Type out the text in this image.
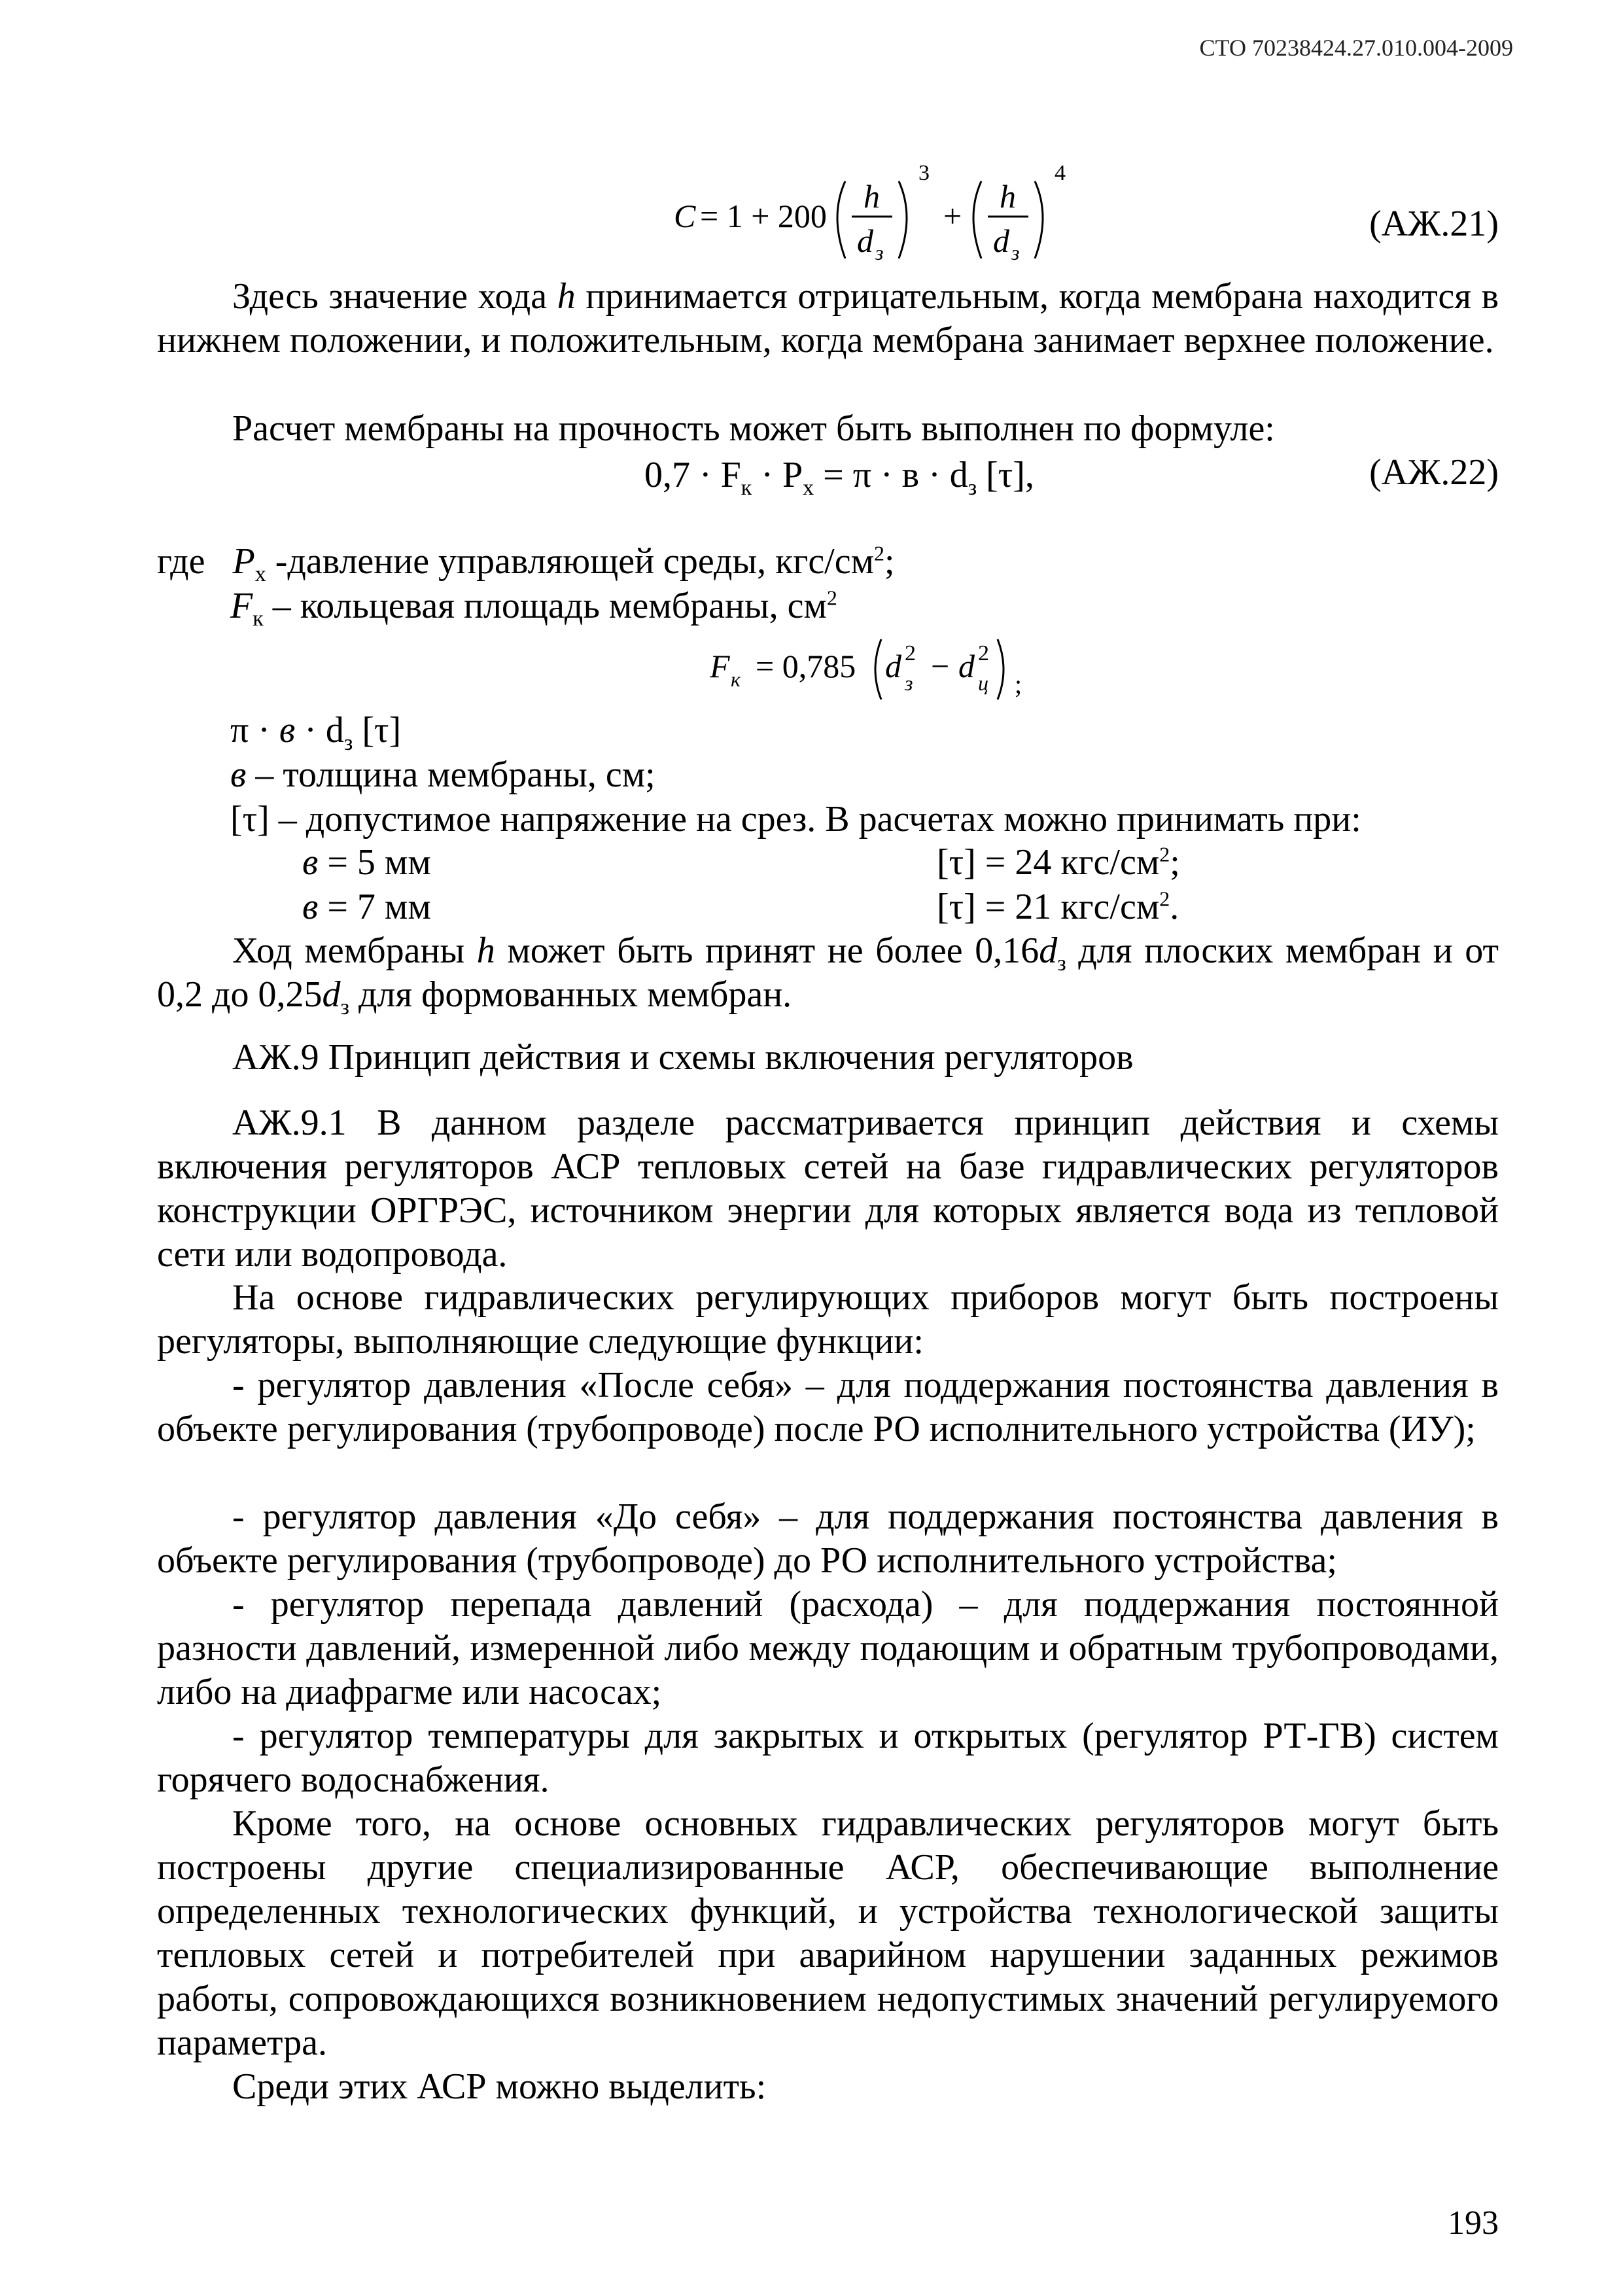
СТО 70238424.27.010.004-2009
C = 1 + 200
h
d з
3
+
h
d з
4
(АЖ.21)
Здесь значение хода h принимается отрицательным, когда мембрана находится в нижнем положении, и положительным, когда мембрана занимает верхнее положение.
Расчет мембраны на прочность может быть выполнен по формуле:
$0,7 \cdot F_к \cdot P_х = \pi \cdot в \cdot d_з$ [τ],	(АЖ.22)
где $P_х$ -давление управляющей среды, кгс/$см^2$;
$F_к$ – кольцевая площадь мембраны, $см^2$
F к = 0,785 d 2
з − d 2
ц ;
$\pi \cdot в \cdot d_з$ [τ]
в – толщина мембраны, см;
[τ] – допустимое напряжение на срез. В расчетах можно принимать при:
в = 5 мм	[τ] = 24 кгс/$см^2$;
в = 7 мм	[τ] = 21 кгс/$см^2$.
Ход мембраны h может быть принят не более $0,16d_з$ для плоских мембран и от 0,2 до $0,25d_з$ для формованных мембран.
АЖ.9 Принцип действия и схемы включения регуляторов
АЖ.9.1 В данном разделе рассматривается принцип действия и схемы включения регуляторов АСР тепловых сетей на базе гидравлических регуляторов конструкции ОРГРЭС, источником энергии для которых является вода из тепловой сети или водопровода.
На основе гидравлических регулирующих приборов могут быть построены регуляторы, выполняющие следующие функции:
- регулятор давления «После себя» – для поддержания постоянства давления в объекте регулирования (трубопроводе) после РО исполнительного устройства (ИУ);
- регулятор давления «До себя» – для поддержания постоянства давления в объекте регулирования (трубопроводе) до РО исполнительного устройства;
- регулятор перепада давлений (расхода) – для поддержания постоянной разности давлений, измеренной либо между подающим и обратным трубопроводами, либо на диафрагме или насосах;
- регулятор температуры для закрытых и открытых (регулятор РТ-ГВ) систем горячего водоснабжения.
Кроме того, на основе основных гидравлических регуляторов могут быть построены другие специализированные АСР, обеспечивающие выполнение определенных технологических функций, и устройства технологической защиты тепловых сетей и потребителей при аварийном нарушении заданных режимов работы, сопровождающихся возникновением недопустимых значений регулируемого параметра.
Среди этих АСР можно выделить:
193
